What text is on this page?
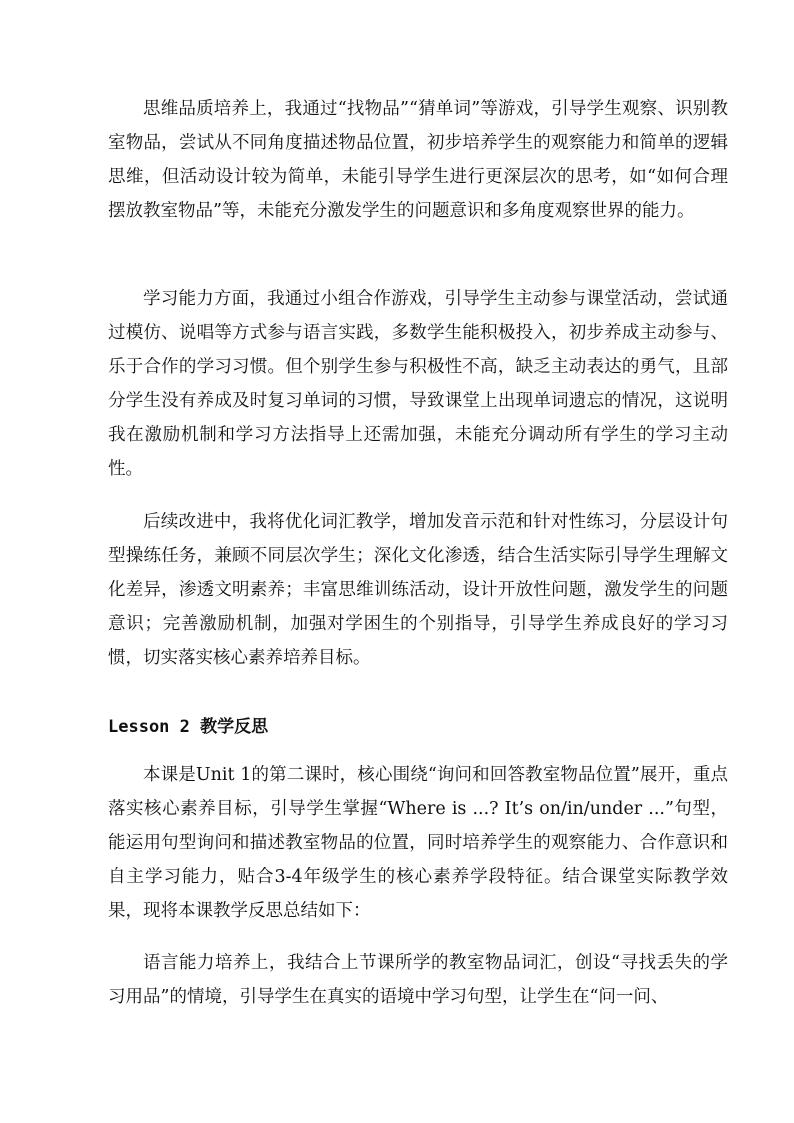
思维品质培养上，我通过“找物品”“猜单词”等游戏，引导学生观察、识别教室物品，尝试从不同角度描述物品位置，初步培养学生的观察能力和简单的逻辑思维，但活动设计较为简单，未能引导学生进行更深层次的思考，如“如何合理摆放教室物品”等，未能充分激发学生的问题意识和多角度观察世界的能力。

学习能力方面，我通过小组合作游戏，引导学生主动参与课堂活动，尝试通过模仿、说唱等方式参与语言实践，多数学生能积极投入，初步养成主动参与、乐于合作的学习习惯。但个别学生参与积极性不高，缺乏主动表达的勇气，且部分学生没有养成及时复习单词的习惯，导致课堂上出现单词遗忘的情况，这说明我在激励机制和学习方法指导上还需加强，未能充分调动所有学生的学习主动性。

后续改进中，我将优化词汇教学，增加发音示范和针对性练习，分层设计句型操练任务，兼顾不同层次学生；深化文化渗透，结合生活实际引导学生理解文化差异，渗透文明素养；丰富思维训练活动，设计开放性问题，激发学生的问题意识；完善激励机制，加强对学困生的个别指导，引导学生养成良好的学习习惯，切实落实核心素养培养目标。

Lesson 2 教学反思

本课是Unit 1的第二课时，核心围绕“询问和回答教室物品位置”展开，重点落实核心素养目标，引导学生掌握“Where is ...? It’s on/in/under ...”句型，能运用句型询问和描述教室物品的位置，同时培养学生的观察能力、合作意识和自主学习能力，贴合3-4年级学生的核心素养学段特征。结合课堂实际教学效果，现将本课教学反思总结如下：

语言能力培养上，我结合上节课所学的教室物品词汇，创设“寻找丢失的学习用品”的情境，引导学生在真实的语境中学习句型，让学生在“问一问、
